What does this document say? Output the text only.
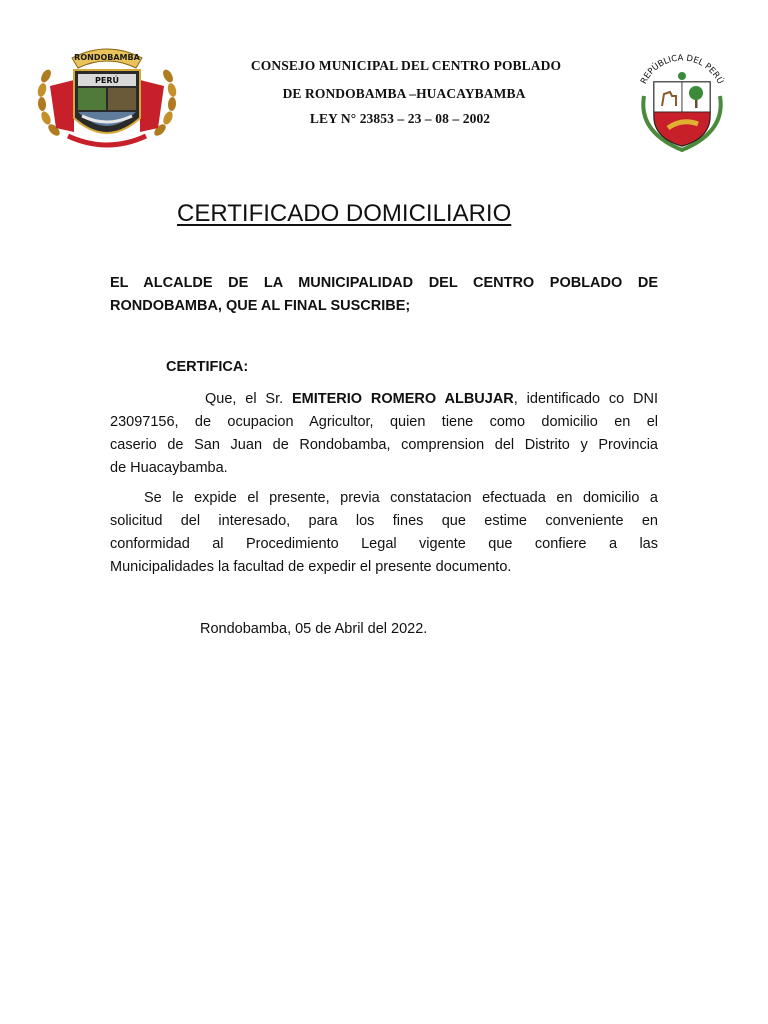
RONDOBAMBA
PERÚ
CONSEJO MUNICIPAL DEL CENTRO POBLADO
DE RONDOBAMBA –HUACAYBAMBA
LEY N° 23853 – 23 – 08 – 2002
REPÚBLICA DEL PERÚ
CERTIFICADO DOMICILIARIO
EL ALCALDE DE LA MUNICIPALIDAD DEL CENTRO POBLADO DE
RONDOBAMBA, QUE AL FINAL SUSCRIBE;
CERTIFICA:
Que, el Sr. EMITERIO ROMERO ALBUJAR, identificado co DNI
23097156, de ocupacion Agricultor, quien tiene como domicilio en el
caserio de San Juan de Rondobamba, comprension del Distrito y Provincia
de Huacaybamba.
Se le expide el presente, previa constatacion efectuada en domicilio a
solicitud del interesado, para los fines que estime conveniente en
conformidad al Procedimiento Legal vigente que confiere a las
Municipalidades la facultad de expedir el presente documento.
Rondobamba, 05 de Abril del 2022.
